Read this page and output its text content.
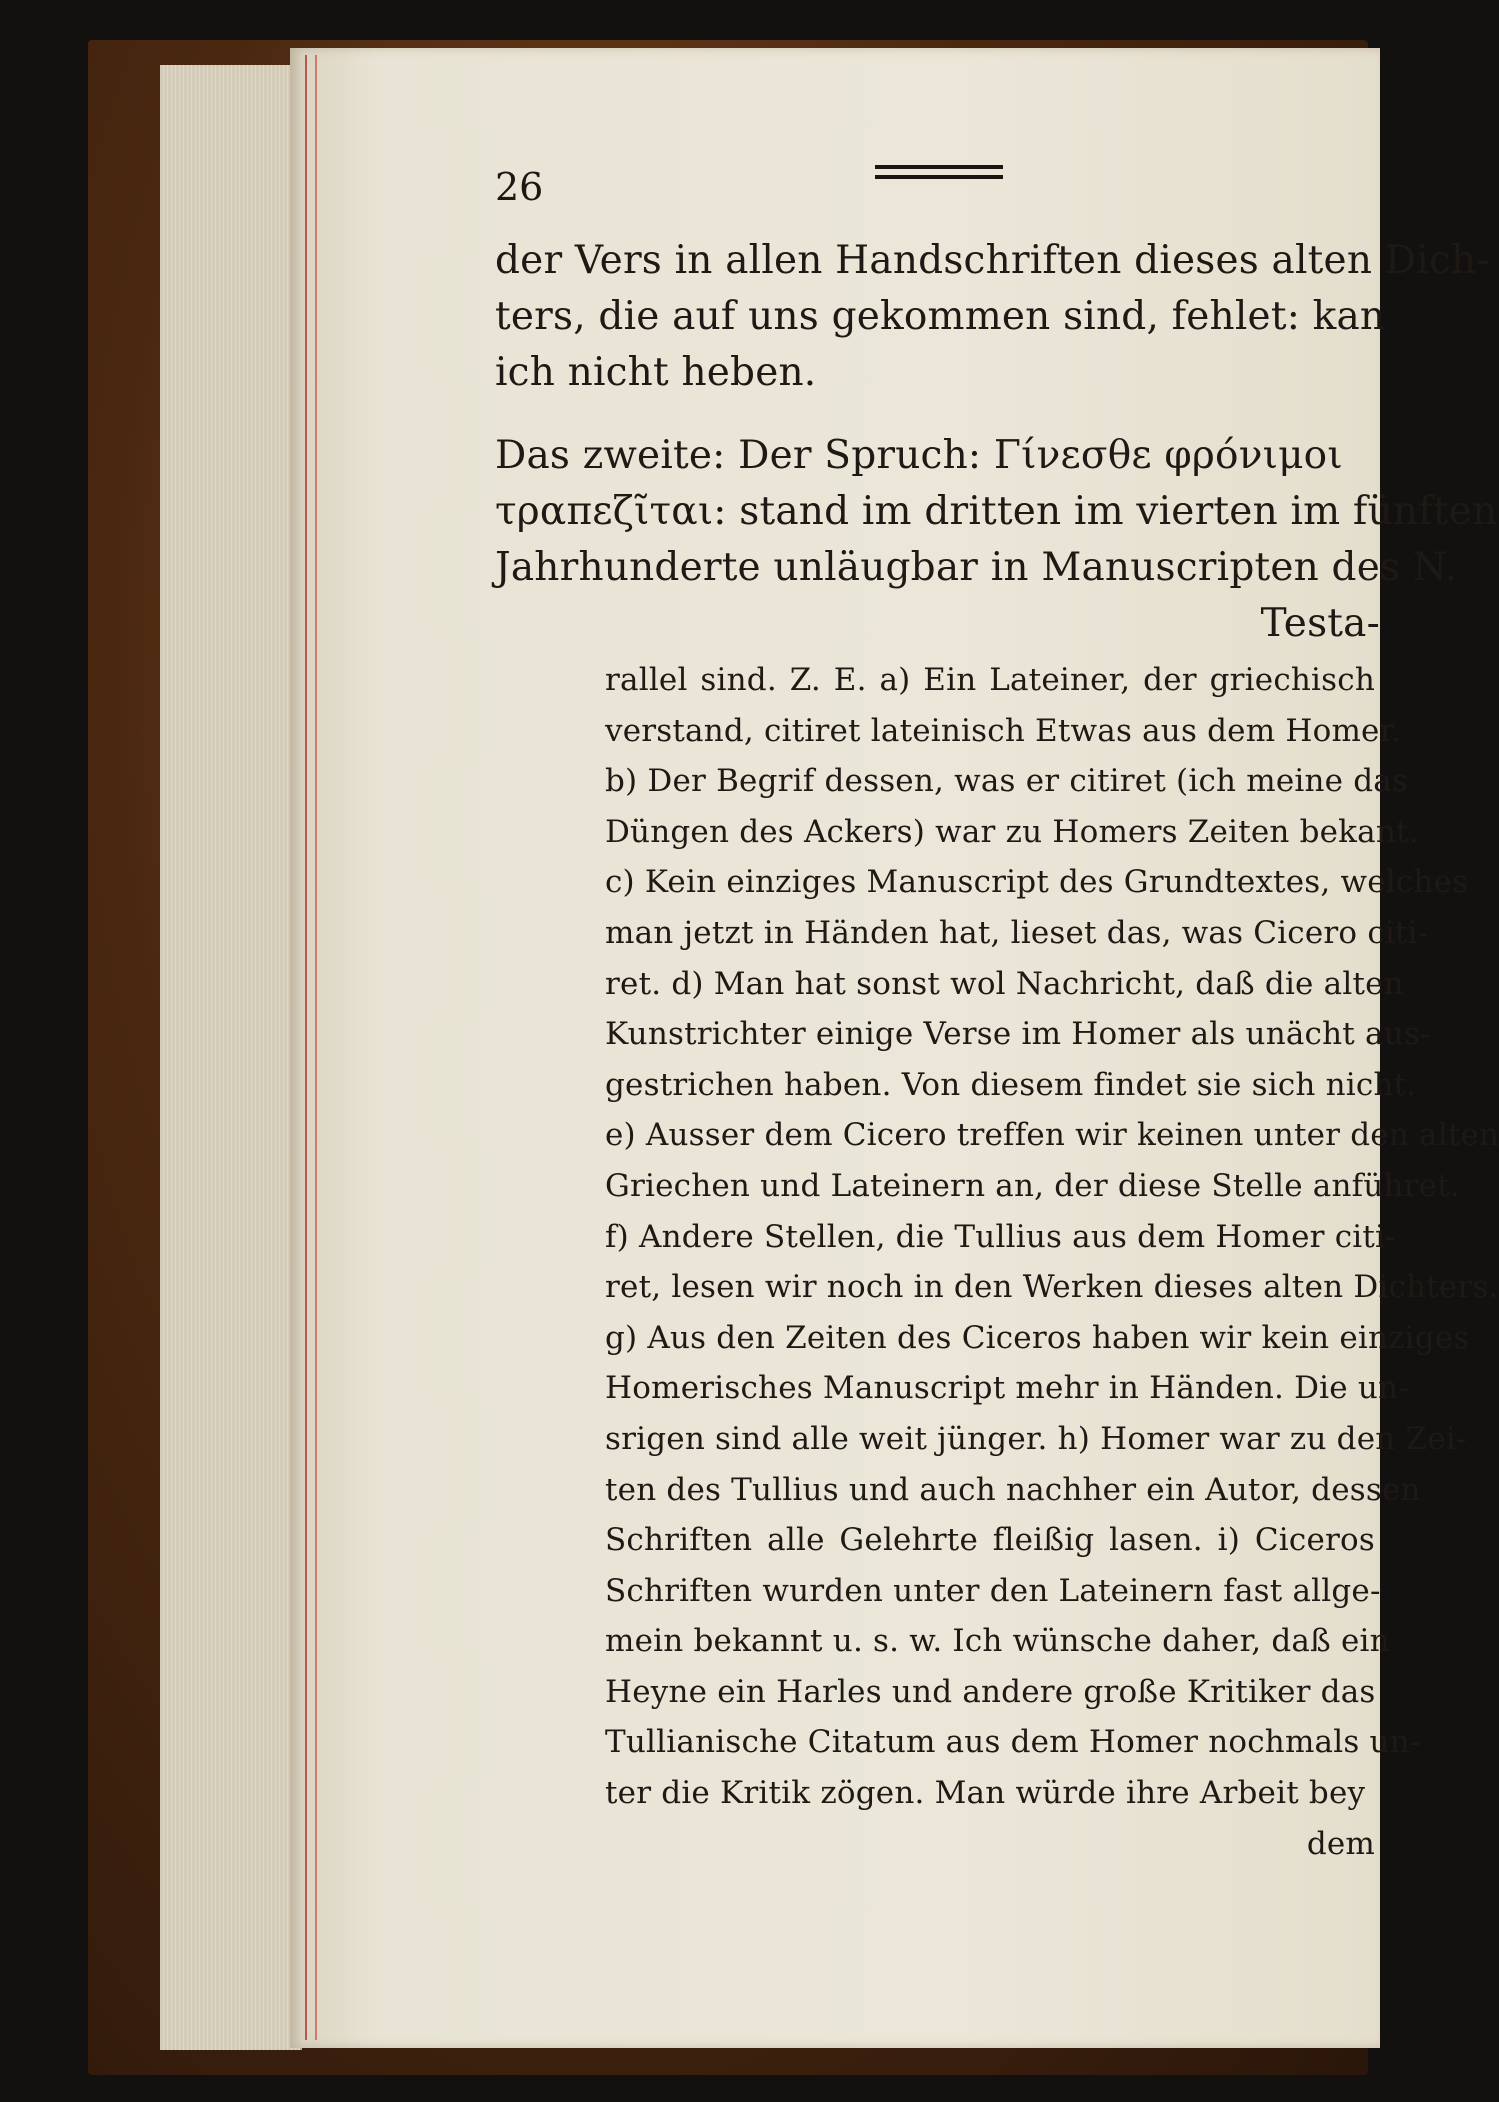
26
der Vers in allen Handschriften dieses alten Dich-
ters, die auf uns gekommen sind, fehlet: kan
ich nicht heben.
Das zweite: Der Spruch: Γίνεσθε φρόνιμοι
τραπεζῖται: stand im dritten im vierten im fünften
Jahrhunderte unläugbar in Manuscripten des N.
Testa-
rallel sind. Z. E. a) Ein Lateiner, der griechisch
verstand, citiret lateinisch Etwas aus dem Homer.
b) Der Begrif dessen, was er citiret (ich meine das
Düngen des Ackers) war zu Homers Zeiten bekant.
c) Kein einziges Manuscript des Grundtextes, welches
man jetzt in Händen hat, lieset das, was Cicero citi-
ret. d) Man hat sonst wol Nachricht, daß die alten
Kunstrichter einige Verse im Homer als unächt aus-
gestrichen haben. Von diesem findet sie sich nicht.
e) Ausser dem Cicero treffen wir keinen unter den alten
Griechen und Lateinern an, der diese Stelle anführet.
f) Andere Stellen, die Tullius aus dem Homer citi-
ret, lesen wir noch in den Werken dieses alten Dichters.
g) Aus den Zeiten des Ciceros haben wir kein einziges
Homerisches Manuscript mehr in Händen. Die un-
srigen sind alle weit jünger. h) Homer war zu den Zei-
ten des Tullius und auch nachher ein Autor, dessen
Schriften alle Gelehrte fleißig lasen. i) Ciceros
Schriften wurden unter den Lateinern fast allge-
mein bekannt u. s. w. Ich wünsche daher, daß ein
Heyne ein Harles und andere große Kritiker das
Tullianische Citatum aus dem Homer nochmals un-
ter die Kritik zögen. Man würde ihre Arbeit bey
dem
